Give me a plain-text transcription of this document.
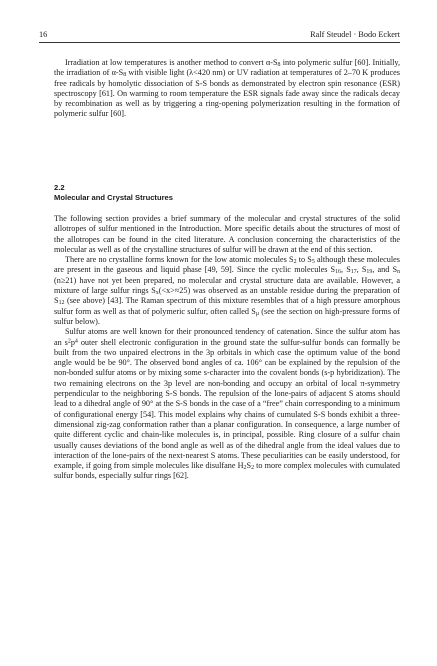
16	Ralf Steudel · Bodo Eckert

Irradiation at low temperatures is another method to convert α-S8 into polymeric sulfur [60]. Initially, the irradiation of α-S8 with visible light (λ<420 nm) or UV radiation at temperatures of 2–70 K produces free radicals by homolytic dissociation of S-S bonds as demonstrated by electron spin resonance (ESR) spectroscopy [61]. On warming to room temperature the ESR signals fade away since the radicals decay by recombination as well as by triggering a ring-opening polymerization resulting in the formation of polymeric sulfur [60].

2.2
Molecular and Crystal Structures

The following section provides a brief summary of the molecular and crystal structures of the solid allotropes of sulfur mentioned in the Introduction. More specific details about the structures of most of the allotropes can be found in the cited literature. A conclusion concerning the characteristics of the molecular as well as of the crystalline structures of sulfur will be drawn at the end of this section.

There are no crystalline forms known for the low atomic molecules S2 to S5 although these molecules are present in the gaseous and liquid phase [49, 59]. Since the cyclic molecules S16, S17, S19, and Sn (n≥21) have not yet been prepared, no molecular and crystal structure data are available. However, a mixture of large sulfur rings Sx(<x>≈25) was observed as an unstable residue during the preparation of S12 (see above) [43]. The Raman spectrum of this mixture resembles that of a high pressure amorphous sulfur form as well as that of polymeric sulfur, often called Sμ (see the section on high-pressure forms of sulfur below).

Sulfur atoms are well known for their pronounced tendency of catenation. Since the sulfur atom has an $s^2p^4$ outer shell electronic configuration in the ground state the sulfur-sulfur bonds can formally be built from the two unpaired electrons in the 3p orbitals in which case the optimum value of the bond angle would be be 90°. The observed bond angles of ca. 106° can be explained by the repulsion of the non-bonded sulfur atoms or by mixing some s-character into the covalent bonds (s-p hybridization). The two remaining electrons on the 3p level are non-bonding and occupy an orbital of local π-symmetry perpendicular to the neighboring S-S bonds. The repulsion of the lone-pairs of adjacent S atoms should lead to a dihedral angle of 90° at the S-S bonds in the case of a “free” chain corresponding to a minimum of configurational energy [54]. This model explains why chains of cumulated S-S bonds exhibit a three-dimensional zig-zag conformation rather than a planar configuration. In consequence, a large number of quite different cyclic and chain-like molecules is, in principal, possible. Ring closure of a sulfur chain usually causes deviations of the bond angle as well as of the dihedral angle from the ideal values due to interaction of the lone-pairs of the next-nearest S atoms. These peculiarities can be easily understood, for example, if going from simple molecules like disulfane H2S2 to more complex molecules with cumulated sulfur bonds, especially sulfur rings [62].
